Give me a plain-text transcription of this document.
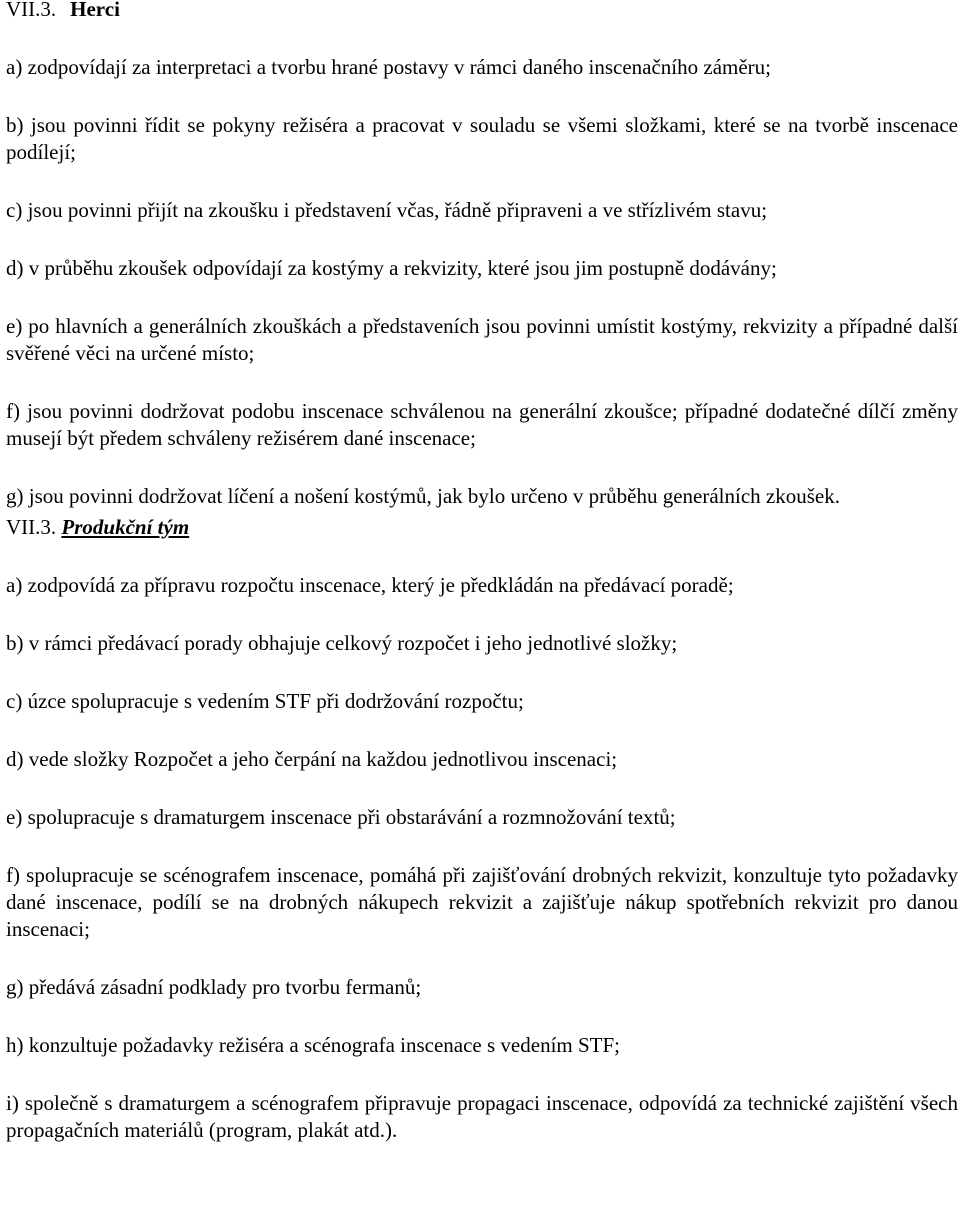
VII.3. Herci

a) zodpovídají za interpretaci a tvorbu hrané postavy v rámci daného inscenačního záměru;

b) jsou povinni řídit se pokyny režiséra a pracovat v souladu se všemi složkami, které se na tvorbě inscenace podílejí;

c) jsou povinni přijít na zkoušku i představení včas, řádně připraveni a ve střízlivém stavu;

d) v průběhu zkoušek odpovídají za kostýmy a rekvizity, které jsou jim postupně dodávány;

e) po hlavních a generálních zkouškách a představeních jsou povinni umístit kostýmy, rekvizity a případné další svěřené věci na určené místo;

f) jsou povinni dodržovat podobu inscenace schválenou na generální zkoušce; případné dodatečné dílčí změny musejí být předem schváleny režisérem dané inscenace;

g) jsou povinni dodržovat líčení a nošení kostýmů, jak bylo určeno v průběhu generálních zkoušek.

VII.3. Produkční tým

a) zodpovídá za přípravu rozpočtu inscenace, který je předkládán na předávací poradě;

b) v rámci předávací porady obhajuje celkový rozpočet i jeho jednotlivé složky;

c) úzce spolupracuje s vedením STF při dodržování rozpočtu;

d) vede složky Rozpočet a jeho čerpání na každou jednotlivou inscenaci;

e) spolupracuje s dramaturgem inscenace při obstarávání a rozmnožování textů;

f) spolupracuje se scénografem inscenace, pomáhá při zajišťování drobných rekvizit, konzultuje tyto požadavky dané inscenace, podílí se na drobných nákupech rekvizit a zajišťuje nákup spotřebních rekvizit pro danou inscenaci;

g) předává zásadní podklady pro tvorbu fermanů;

h) konzultuje požadavky režiséra a scénografa inscenace s vedením STF;

i) společně s dramaturgem a scénografem připravuje propagaci inscenace, odpovídá za technické zajištění všech propagačních materiálů (program, plakát atd.).
